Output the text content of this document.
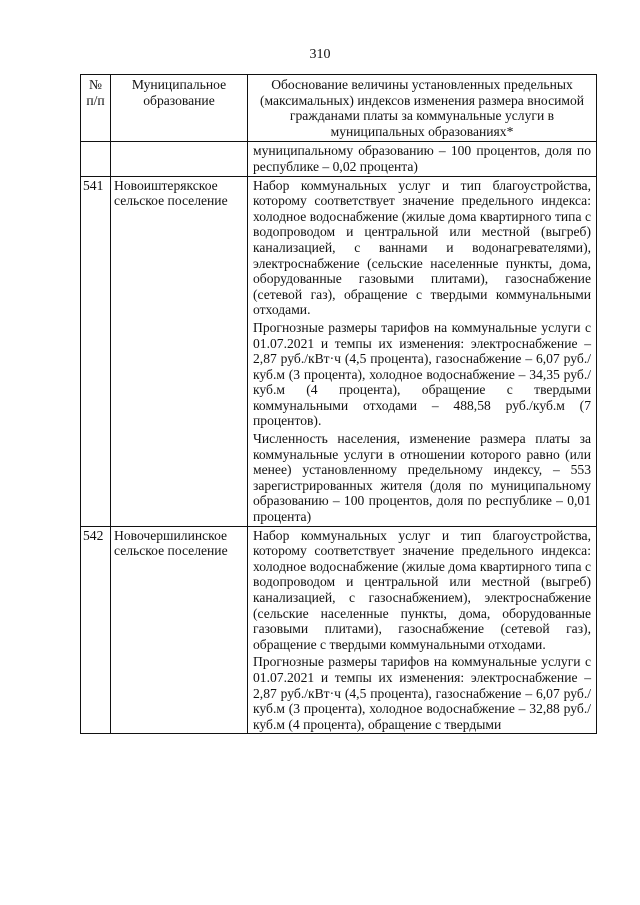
310
№ п/п	Муниципальное образование	Обоснование величины установленных предельных (максимальных) индексов изменения размера вносимой гражданами платы за коммунальные услуги в муниципальных образованиях*

		муниципальному образованию – 100 процентов, доля по республике – 0,02 процента)

541	Новоиштерякское сельское поселение	Набор коммунальных услуг и тип благоустройства, которому соответствует значение предельного индекса: холодное водоснабжение (жилые дома квартирного типа с водопроводом и центральной или местной (выгреб) канализацией, с ваннами и водонагревателями), электроснабжение (сельские населенные пункты, дома, оборудованные газовыми плитами), газоснабжение (сетевой газ), обращение с твердыми коммунальными отходами.

Прогнозные размеры тарифов на коммунальные услуги с 01.07.2021 и темпы их изменения: электроснабжение – 2,87 руб./кВт·ч (4,5 процента), газоснабжение – 6,07 руб./куб.м (3 процента), холодное водоснабжение – 34,35 руб./куб.м (4 процента), обращение с твердыми коммунальными отходами – 488,58 руб./куб.м (7 процентов).

Численность населения, изменение размера платы за коммунальные услуги в отношении которого равно (или менее) установленному предельному индексу, – 553 зарегистрированных жителя (доля по муниципальному образованию – 100 процентов, доля по республике – 0,01 процента)

542	Новочершилинское сельское поселение	Набор коммунальных услуг и тип благоустройства, которому соответствует значение предельного индекса: холодное водоснабжение (жилые дома квартирного типа с водопроводом и центральной или местной (выгреб) канализацией, с газоснабжением), электроснабжение (сельские населенные пункты, дома, оборудованные газовыми плитами), газоснабжение (сетевой газ), обращение с твердыми коммунальными отходами.

Прогнозные размеры тарифов на коммунальные услуги с 01.07.2021 и темпы их изменения: электроснабжение – 2,87 руб./кВт·ч (4,5 процента), газоснабжение – 6,07 руб./куб.м (3 процента), холодное водоснабжение – 32,88 руб./куб.м (4 процента), обращение с твердыми
